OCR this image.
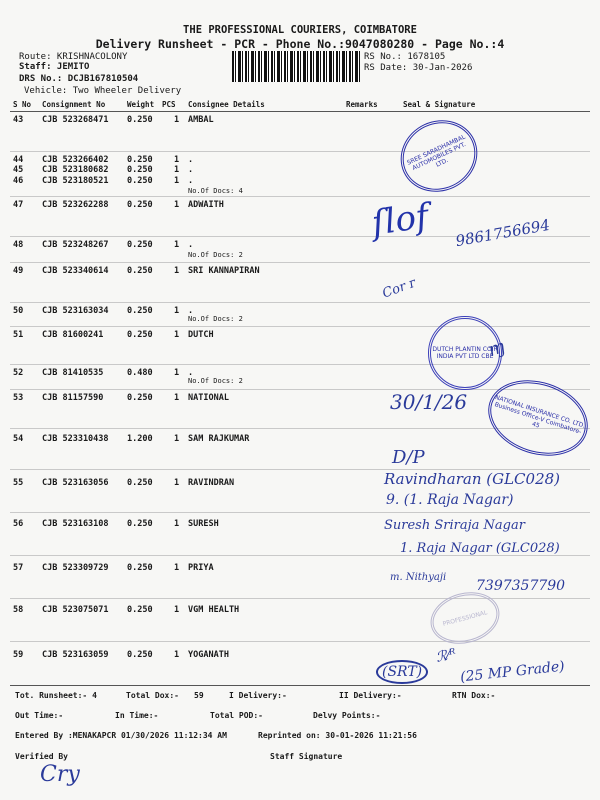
THE PROFESSIONAL COURIERS, COIMBATORE
Delivery Runsheet - PCR - Phone No.:9047080280 - Page No.:4
Route: KRISHNACOLONY
Staff: JEMITO
DRS No.: DCJB167810504
Vehicle: Two Wheeler Delivery
RS No.: 1678105
RS Date: 30-Jan-2026
S No Consignment No	Weight PCS Consignee Details	Remarks	Seal & Signature
43 CJB 523268471 0.250	1 AMBAL
44 CJB 523266402 0.250	1 .
45 CJB 523180682 0.250	1 .
46 CJB 523180521 0.250	1 .
No.Of Docs: 4
47 CJB 523262288 0.250	1 ADWAITH
48 CJB 523248267 0.250	1 .
No.Of Docs: 2
49 CJB 523340614 0.250	1 SRI KANNAPIRAN
50 CJB 523163034 0.250	1 .
No.Of Docs: 2
51 CJB 81600241	0.250	1 DUTCH
52 CJB 81410535	0.480	1 .
No.Of Docs: 2
53 CJB 81157590	0.250	1 NATIONAL
54 CJB 523310438 1.200	1 SAM RAJKUMAR
55 CJB 523163056 0.250	1 RAVINDRAN
56 CJB 523163108 0.250	1 SURESH
57 CJB 523309729 0.250	1 PRIYA
58 CJB 523075071 0.250	1 VGM HEALTH
59 CJB 523163059 0.250	1 YOGANATH
SREE SARADHAMBAL AUTOMOBILES PVT. LTD.
DUTCH PLANTIN COIR INDIA PVT LTD CBE
NATIONAL INSURANCE CO. LTD. Business Office-V Coimbatore-45
PROFESSIONAL
ſlof 9861756694
Cor ᴦ
ɱ
30/1/26
D/P
Ravindharan (GLC028)
9. (1. Raja Nagar)
Suresh Sriraja Nagar
1. Raja Nagar (GLC028)
m. Nithyaji
7397357790
(SRT)
ℛ⁄ᴿ
(25 MP Grade)
Tot. Runsheet:- 4	Total Dox:- 59	I Delivery:-	II Delivery:-	RTN Dox:-
Out Time:-	In Time:-	Total POD:-	Delvy Points:-
Entered By :MENAKAPCR 01/30/2026 11:12:34 AM	Reprinted on: 30-01-2026 11:21:56
Verified By	Staff Signature
Cry
